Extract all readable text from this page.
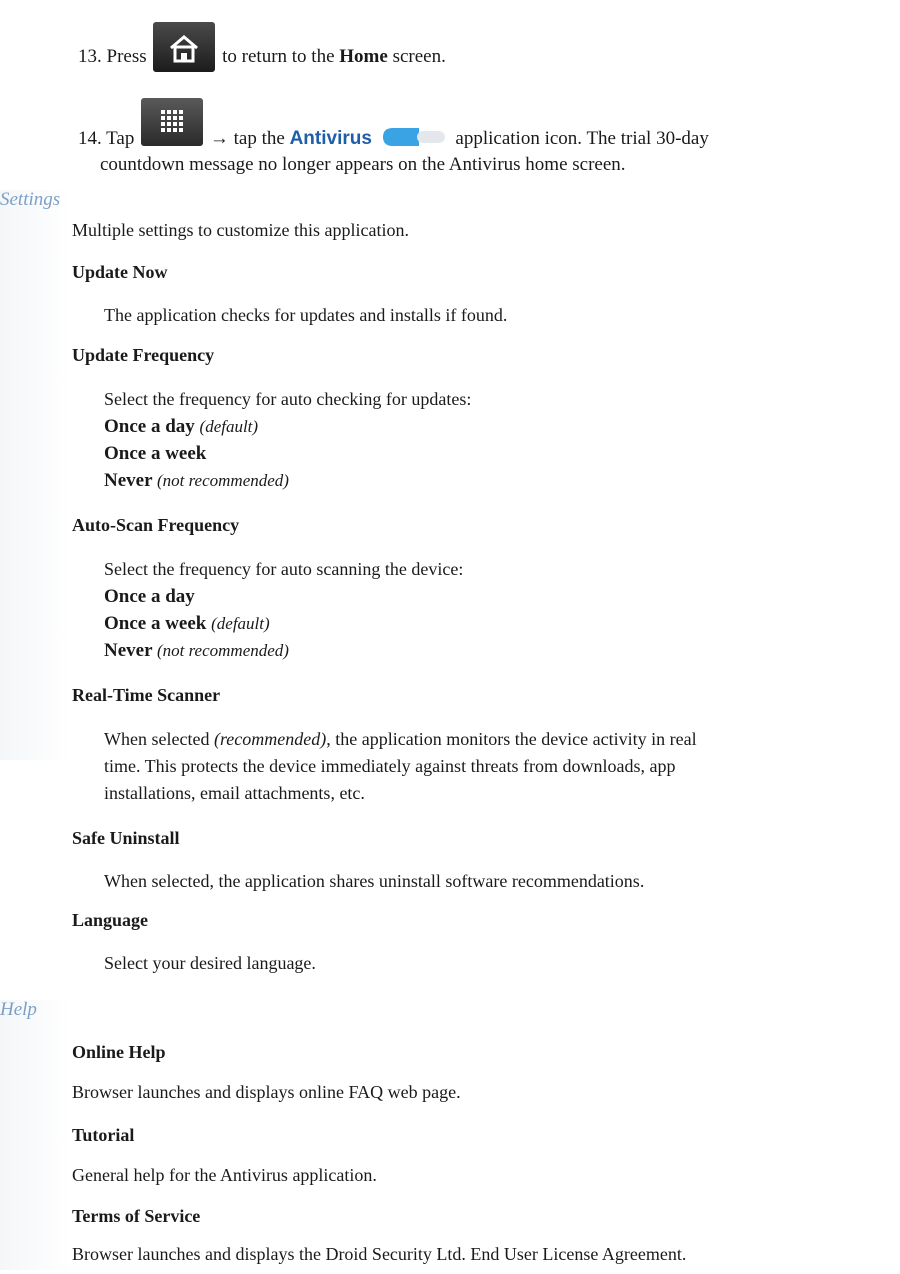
13. Press	to return to the Home screen.
14. Tap	→ tap the Antivirus	application icon. The trial 30-day
countdown message no longer appears on the Antivirus home screen.
Settings
Multiple settings to customize this application.
Update Now
The application checks for updates and installs if found.
Update Frequency
Select the frequency for auto checking for updates:
Once a day (default)
Once a week
Never (not recommended)
Auto-Scan Frequency
Select the frequency for auto scanning the device:
Once a day
Once a week (default)
Never (not recommended)
Real-Time Scanner
When selected (recommended), the application monitors the device activity in real
time. This protects the device immediately against threats from downloads, app
installations, email attachments, etc.
Safe Uninstall
When selected, the application shares uninstall software recommendations.
Language
Select your desired language.
Help
Online Help
Browser launches and displays online FAQ web page.
Tutorial
General help for the Antivirus application.
Terms of Service
Browser launches and displays the Droid Security Ltd. End User License Agreement.
